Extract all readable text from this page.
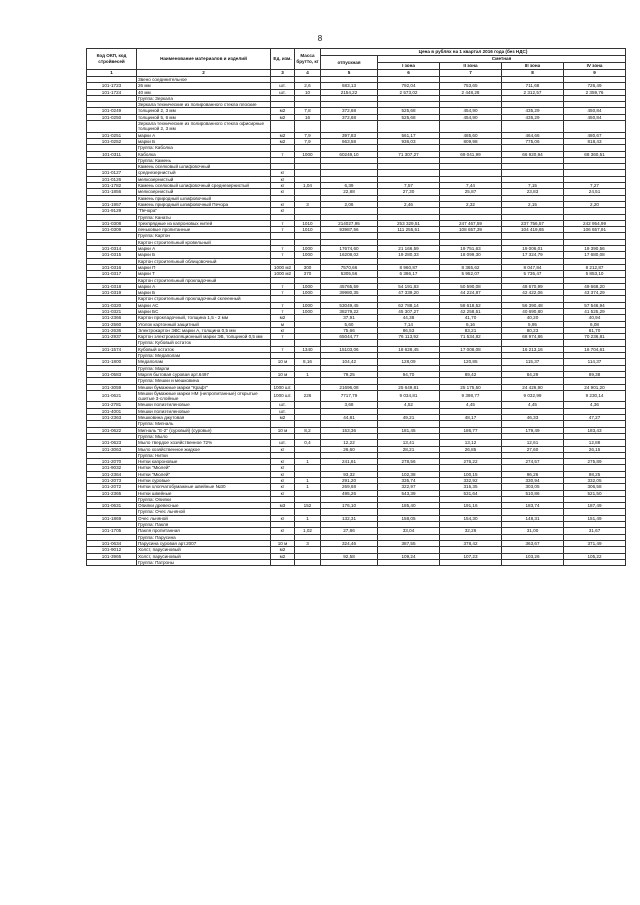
8
Код ОКП, код стройвесей	Наименование материалов и изделий	Ед. изм.	Масса брутто, кг	Цена в рублях на 1 квартал 2016 года (без НДС)				
				отпускная	Сметная			
					I зона	II зона	III зона	IV зона
1	2	3	4	5	6	7	8	9
	Звено соединительное							
101-1723	26 мм	шт.	2,6	683,13	792,04	753,65	711,68	726,49
101-1724	40 мм	шт.	10	2154,22	2 573,02	2 448,28	2 312,57	2 359,76
	Группа: Зеркала							
	Зеркала технические из полированного стекла плоские							
101-0249	толщиной 2, 3 мм	м2	7,8	372,68	525,68	454,90	435,29	450,84
101-0250	толщиной 5, 6 мм	м2	16	372,68	525,68	454,90	435,29	450,84
	Зеркала технические из полированного стекла офисирные толщиной 2, 3 мм							
101-0251	марки А	м2	7,9	397,83	561,17	485,60	464,66	480,67
101-0252	марки Б	м2	7,9	663,58	936,03	809,98	775,06	818,43
	Группа: Каболка							
101-0311	Каболка	т	1000	60249,10	71 307,27	69 041,99	66 920,94	68 360,51
	Группа: Камень							
	Камень оселковый шлифовочный							
101-0127	среднезернистый	кг						
101-0126	мелкозернистый	кг						
101-1782	Камень оселковый шлифовочный среднезернистый	кг	1,04	6,39	7,57	7,44	7,15	7,27
101-1856	мелкозернистый	кг		22,88	27,30	25,87	23,83	24,51
	Камень природный шлифовочный							
101-1957	Камень природный шлифовочный Печора	кг	3	2,06	2,46	2,32	2,15	2,20
101-9129	"Печора"	кг						
	Группа: Канаты							
101-0308	трехпрядные из капроновых нитей	т	1010	214027,95	253 329,51	247 467,59	237 756,57	242 954,99
101-0309	пеньковые пропитанные	т	1010	93987,56	111 255,51	108 657,39	104 419,65	106 657,91
	Группа: Картон							
	Картон строительный кровельный							
101-0314	марки А	т	1000	17674,60	21 166,59	19 751,63	19 006,01	19 390,56
101-0315	марки Б	т	1000	16208,02	19 280,33	18 099,30	17 324,79	17 680,08
	Картон строительный облицовочный							
101-0316	марки П	1000 м2	300	7570,66	8 960,87	8 365,62	8 047,84	8 212,87
101-0317	марки Т	1000 м2	370	5305,56	6 386,17	5 952,07	5 735,47	5 853,10
	Картон строительный прокладочный							
101-0318	марки А	т	1000	45765,59	54 191,83	50 590,08	48 670,99	49 668,20
101-0319	марки Б	т	1000	39980,35	47 339,20	44 224,87	42 422,06	43 374,29
	Картон строительный прокладочный склеенный							
101-0320	марки АС	т	1000	53049,45	62 788,14	58 618,52	56 390,48	57 546,94
101-0321	марки БС	т	1000	38279,22	45 307,27	42 258,51	40 690,80	41 525,29
101-2366	Картон прокладочный, толщина 1,5 - 2 мм	м2		37,91	44,38	41,70	40,20	40,94
101-2560	Уголок картонный защитный	м		5,60	7,14	6,16	5,95	6,08
101-2636	Электрокартон ЭВС марки А, толщина 0,5 мм	кг		75,66	86,53	83,21	80,23	81,70
101-2937	Картон электроизоляционный марки ЭВ, толщиной 0,5 мм	т		65044,77	76 113,92	71 534,82	68 974,86	70 236,81
	Группа: Кубовый остаток							
101-1574	Кубовый остаток	т	1340	15103,06	18 628,45	17 006,08	16 213,16	16 704,61
	Группа: Медаполам							
101-1800	Медаполам	10 м	8,16	104,42	128,09	120,85	115,37	114,37
	Группа: Марли							
101-0583	Марля бытовая суровая арт.6497	10 м	1	79,25	94,70	89,42	84,29	89,38
	Группа: Мешки и мешковина							
101-3059	Мешки бумажные марки "Крафт"	1000 шт.		21696,08	25 649,81	25 175,50	24 426,90	24 901,20
101-0621	Мешки бумажные марки НМ (непропитанные) открытые сшитые 3-слойные	1000 шт.	226	7717,79	9 034,81	9 398,77	9 032,99	9 230,14
101-2781	Мешки полиэтиленовые	шт.		3,68	4,52	4,45	4,45	4,36
101-4001	Мешки полиэтиленовые	шт.						
101-2363	Мешковина джутовая	м2		44,81	49,21	48,17	46,33	47,27
	Группа: Мигналь							
101-0622	Мигналь "Е-2" (суровый) (суровье)	10 м	8,2	153,36	181,45	186,77	179,49	183,43
	Группа: Мыло							
101-0623	Мыло твердое хозяйственное 72%	шт.	0,4	12,22	13,41	13,12	12,61	12,88
101-3063	Мыло хозяйственное жидкое	кг		26,60	28,21	26,85	27,60	26,15
	Группа: Нитки							
101-2070	Нитки капроновые	кг	1	241,61	278,56	276,22	274,57	275,89
101-9032	Нитки "Мюлей"	кг						
101-2364	Нитки "Мюлей"	кг		93,32	102,38	100,15	96,26	98,25
101-2073	Нитки суровые	кг	1	291,20	335,74	332,92	330,94	332,05
101-2072	Нитки хлопчатобумажные швейные №30	кг	1	269,68	322,97	315,35	303,05	306,58
101-2365	Нитки швейные	кг		495,26	543,39	531,64	510,86	521,50
	Группа: Опилки							
101-0631	Опилки древесные	м3	152	176,10	185,40	191,16	183,74	187,49
	Группа: Очес льняной							
101-1869	Очес льняной	кг	1	132,31	158,05	154,30	148,31	151,49
	Группа: Пакля							
101-1705	Пакля пропитанная	кг	1,02	27,86	33,04	32,26	31,00	31,67
	Группа: Парусина							
101-0634	Парусина суровая арт.2007	10 м	3	324,46	387,55	378,42	363,67	371,49
101-9012	Холст, парусиновый	м2						
101-3965	Холст, парусиновый	м2		92,58	109,24	107,23	103,26	105,22
	Группа: Патроны							
